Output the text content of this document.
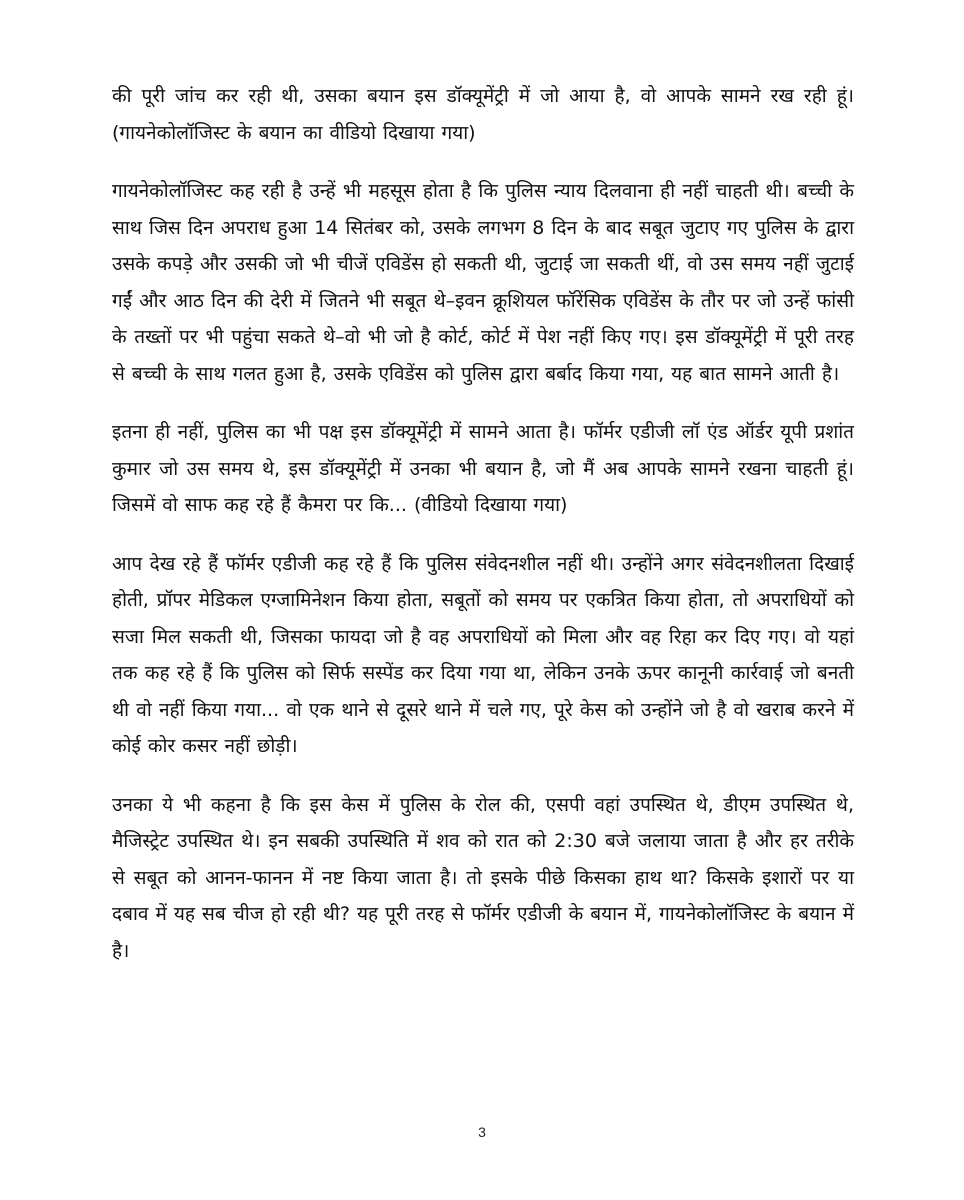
की पूरी जांच कर रही थी, उसका बयान इस डॉक्यूमेंट्री में जो आया है, वो आपके सामने रख रही हूं। (गायनेकोलॉजिस्ट के बयान का वीडियो दिखाया गया)

गायनेकोलॉजिस्ट कह रही है उन्हें भी महसूस होता है कि पुलिस न्याय दिलवाना ही नहीं चाहती थी। बच्ची के साथ जिस दिन अपराध हुआ 14 सितंबर को, उसके लगभग 8 दिन के बाद सबूत जुटाए गए पुलिस के द्वारा उसके कपड़े और उसकी जो भी चीजें एविडेंस हो सकती थी, जुटाई जा सकती थीं, वो उस समय नहीं जुटाई गईं और आठ दिन की देरी में जितने भी सबूत थे–इवन क्रूशियल फॉरेंसिक एविडेंस के तौर पर जो उन्हें फांसी के तख्तों पर भी पहुंचा सकते थे–वो भी जो है कोर्ट, कोर्ट में पेश नहीं किए गए। इस डॉक्यूमेंट्री में पूरी तरह से बच्ची के साथ गलत हुआ है, उसके एविडेंस को पुलिस द्वारा बर्बाद किया गया, यह बात सामने आती है।

इतना ही नहीं, पुलिस का भी पक्ष इस डॉक्यूमेंट्री में सामने आता है। फॉर्मर एडीजी लॉ एंड ऑर्डर यूपी प्रशांत कुमार जो उस समय थे, इस डॉक्यूमेंट्री में उनका भी बयान है, जो मैं अब आपके सामने रखना चाहती हूं। जिसमें वो साफ कह रहे हैं कैमरा पर कि... (वीडियो दिखाया गया)

आप देख रहे हैं फॉर्मर एडीजी कह रहे हैं कि पुलिस संवेदनशील नहीं थी। उन्होंने अगर संवेदनशीलता दिखाई होती, प्रॉपर मेडिकल एग्जामिनेशन किया होता, सबूतों को समय पर एकत्रित किया होता, तो अपराधियों को सजा मिल सकती थी, जिसका फायदा जो है वह अपराधियों को मिला और वह रिहा कर दिए गए। वो यहां तक कह रहे हैं कि पुलिस को सिर्फ सस्पेंड कर दिया गया था, लेकिन उनके ऊपर कानूनी कार्रवाई जो बनती थी वो नहीं किया गया... वो एक थाने से दूसरे थाने में चले गए, पूरे केस को उन्होंने जो है वो खराब करने में कोई कोर कसर नहीं छोड़ी।

उनका ये भी कहना है कि इस केस में पुलिस के रोल की, एसपी वहां उपस्थित थे, डीएम उपस्थित थे, मैजिस्ट्रेट उपस्थित थे। इन सबकी उपस्थिति में शव को रात को 2:30 बजे जलाया जाता है और हर तरीके से सबूत को आनन-फानन में नष्ट किया जाता है। तो इसके पीछे किसका हाथ था? किसके इशारों पर या दबाव में यह सब चीज हो रही थी? यह पूरी तरह से फॉर्मर एडीजी के बयान में, गायनेकोलॉजिस्ट के बयान में है।

3
